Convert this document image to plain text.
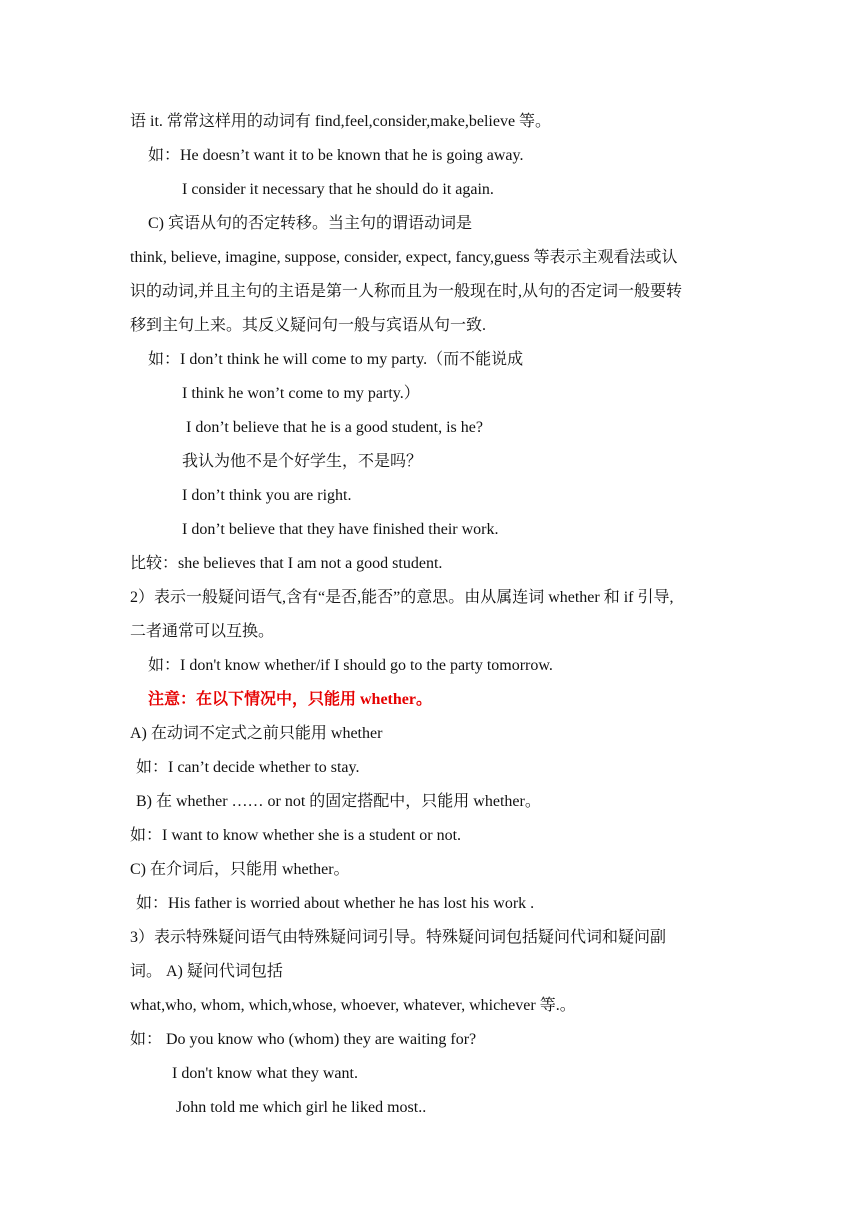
语 it. 常常这样用的动词有 find,feel,consider,make,believe 等。
如：He doesn’t want it to be known that he is going away.
I consider it necessary that he should do it again.
C) 宾语从句的否定转移。当主句的谓语动词是
think, believe, imagine, suppose, consider, expect, fancy,guess 等表示主观看法或认
识的动词,并且主句的主语是第一人称而且为一般现在时,从句的否定词一般要转
移到主句上来。其反义疑问句一般与宾语从句一致.
如：I don’t think he will come to my party.（而不能说成
I think he won’t come to my party.）
I don’t believe that he is a good student, is he?
我认为他不是个好学生，不是吗？
I don’t think you are right.
I don’t believe that they have finished their work.
比较：she believes that I am not a good student.
2）表示一般疑问语气,含有“是否,能否”的意思。由从属连词 whether 和 if 引导,
二者通常可以互换。
如：I don't know whether/if I should go to the party tomorrow.
注意：在以下情况中，只能用 whether。
A) 在动词不定式之前只能用 whether
如：I can’t decide whether to stay.
B) 在 whether …… or not 的固定搭配中，只能用 whether。
如：I want to know whether she is a student or not.
C) 在介词后，只能用 whether。
如：His father is worried about whether he has lost his work .
3）表示特殊疑问语气由特殊疑问词引导。特殊疑问词包括疑问代词和疑问副
词。 A) 疑问代词包括
what,who, whom, which,whose, whoever, whatever, whichever 等.。
如： Do you know who (whom) they are waiting for?
I don't know what they want.
John told me which girl he liked most..
